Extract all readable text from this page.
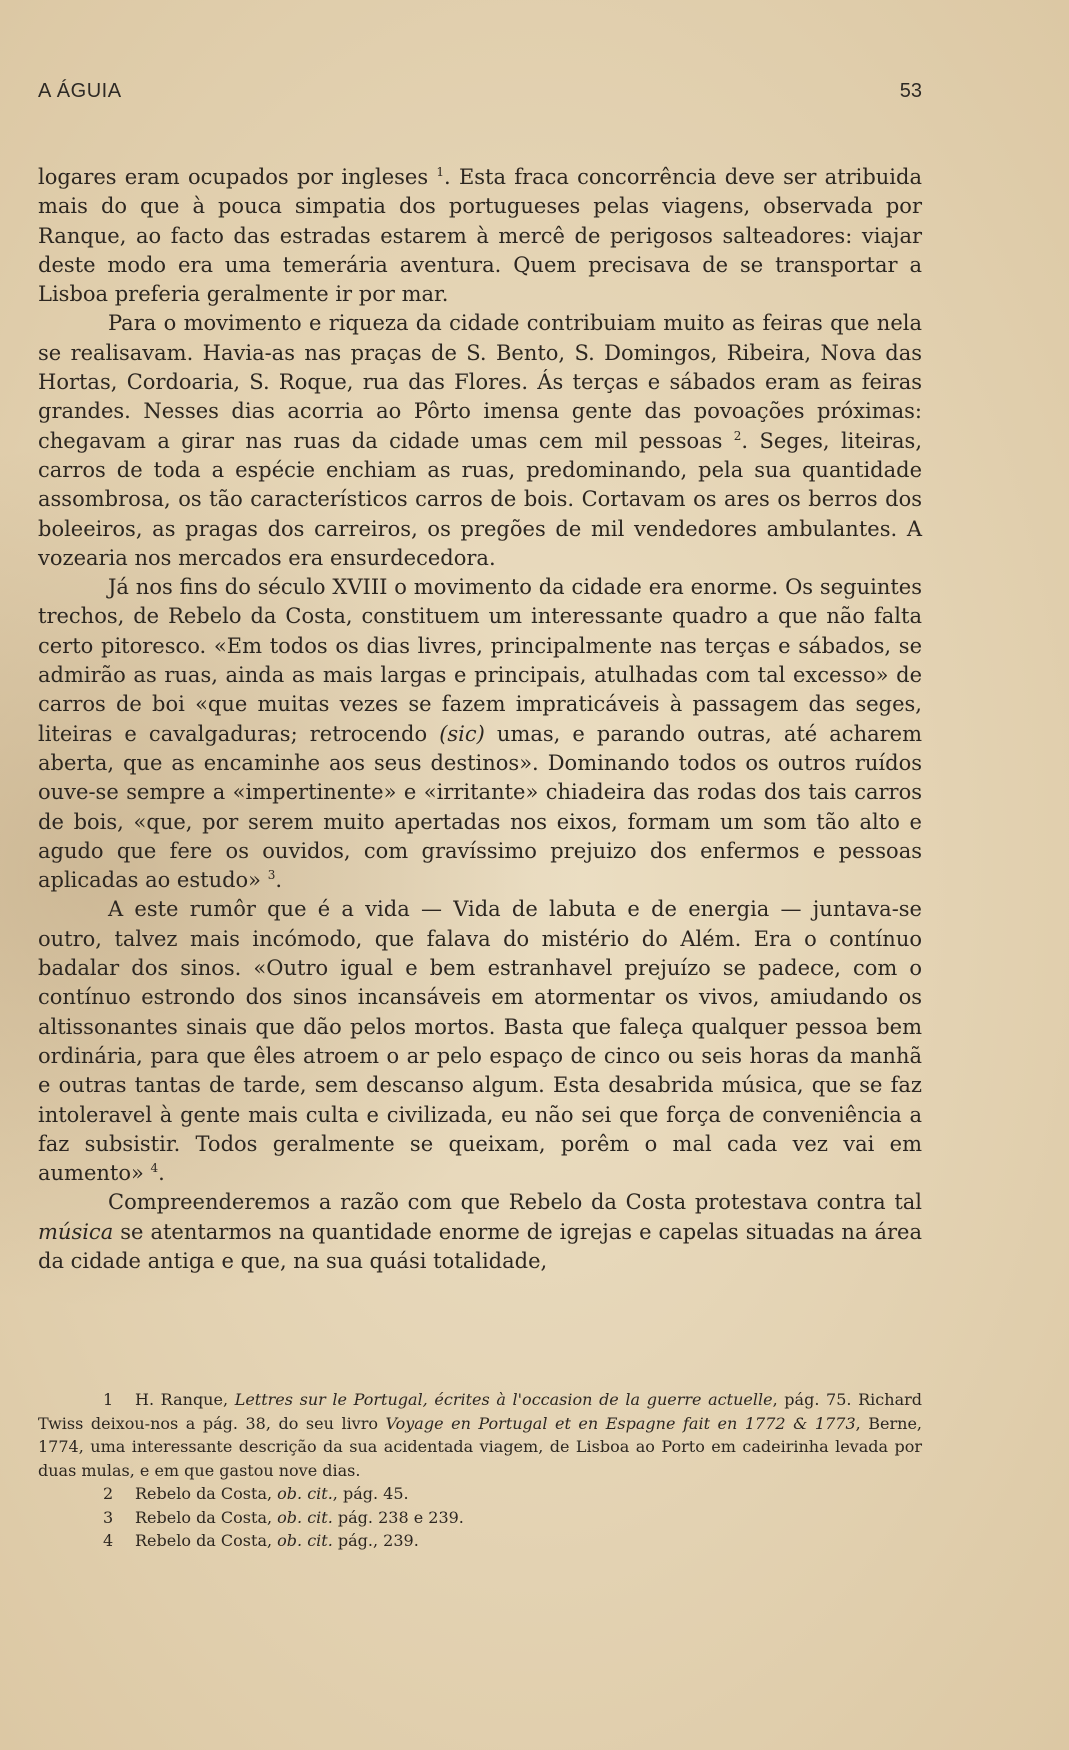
A ÁGUIA	53

logares eram ocupados por ingleses $^1$. Esta fraca concorrência deve ser atribuida mais do que à pouca simpatia dos portugueses pelas viagens, observada por Ranque, ao facto das estradas estarem à mercê de perigosos salteadores: viajar deste modo era uma temerária aventura. Quem precisava de se transportar a Lisboa preferia geralmente ir por mar.

Para o movimento e riqueza da cidade contribuiam muito as feiras que nela se realisavam. Havia-as nas praças de S. Bento, S. Domingos, Ribeira, Nova das Hortas, Cordoaria, S. Roque, rua das Flores. Ás terças e sábados eram as feiras grandes. Nesses dias acorria ao Pôrto imensa gente das povoações próximas: chegavam a girar nas ruas da cidade umas cem mil pessoas $^2$. Seges, liteiras, carros de toda a espécie enchiam as ruas, predominando, pela sua quantidade assombrosa, os tão característicos carros de bois. Cortavam os ares os berros dos boleeiros, as pragas dos carreiros, os pregões de mil vendedores ambulantes. A vozearia nos mercados era ensurdecedora.

Já nos fins do século XVIII o movimento da cidade era enorme. Os seguintes trechos, de Rebelo da Costa, constituem um interessante quadro a que não falta certo pitoresco. «Em todos os dias livres, principalmente nas terças e sábados, se admirão as ruas, ainda as mais largas e principais, atulhadas com tal excesso» de carros de boi «que muitas vezes se fazem impraticáveis à passagem das seges, liteiras e cavalgaduras; retrocendo (sic) umas, e parando outras, até acharem aberta, que as encaminhe aos seus destinos». Dominando todos os outros ruídos ouve-se sempre a «impertinente» e «irritante» chiadeira das rodas dos tais carros de bois, «que, por serem muito apertadas nos eixos, formam um som tão alto e agudo que fere os ouvidos, com gravíssimo prejuizo dos enfermos e pessoas aplicadas ao estudo» $^3$.

A este rumôr que é a vida — Vida de labuta e de energia — juntava-se outro, talvez mais incómodo, que falava do mistério do Além. Era o contínuo badalar dos sinos. «Outro igual e bem estranhavel prejuízo se padece, com o contínuo estrondo dos sinos incansáveis em atormentar os vivos, amiudando os altissonantes sinais que dão pelos mortos. Basta que faleça qualquer pessoa bem ordinária, para que êles atroem o ar pelo espaço de cinco ou seis horas da manhã e outras tantas de tarde, sem descanso algum. Esta desabrida música, que se faz intoleravel à gente mais culta e civilizada, eu não sei que força de conveniência a faz subsistir. Todos geralmente se queixam, porêm o mal cada vez vai em aumento» $^4$.

Compreenderemos a razão com que Rebelo da Costa protestava contra tal música se atentarmos na quantidade enorme de igrejas e capelas situadas na área da cidade antiga e que, na sua quási totalidade,

1 H. Ranque, Lettres sur le Portugal, écrites à l'occasion de la guerre actuelle, pág. 75. Richard Twiss deixou-nos a pág. 38, do seu livro Voyage en Portugal et en Espagne fait en 1772 & 1773, Berne, 1774, uma interessante descrição da sua acidentada viagem, de Lisboa ao Porto em cadeirinha levada por duas mulas, e em que gastou nove dias.

2 Rebelo da Costa, ob. cit., pág. 45.

3 Rebelo da Costa, ob. cit. pág. 238 e 239.

4 Rebelo da Costa, ob. cit. pág., 239.
